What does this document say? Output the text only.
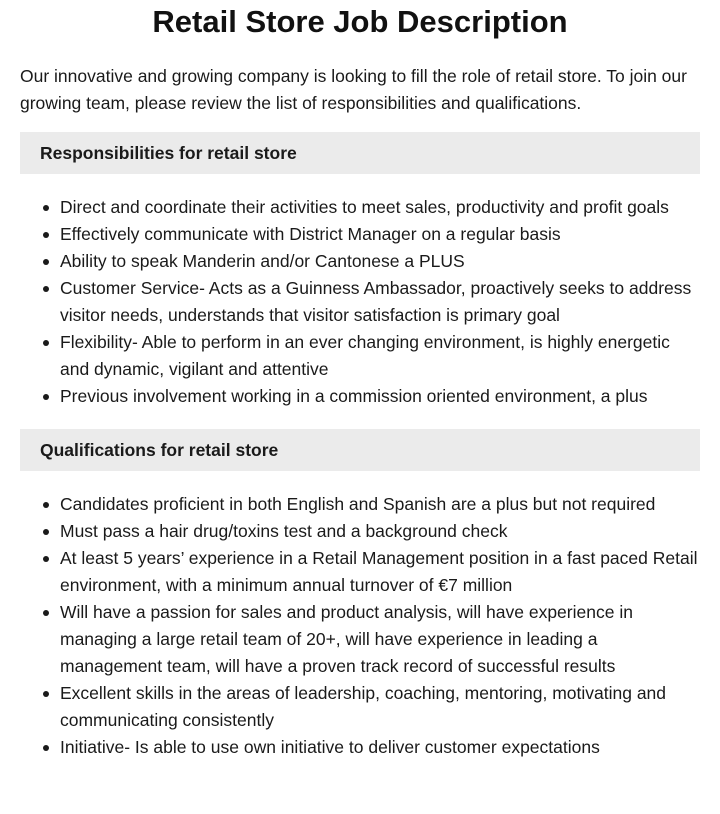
Retail Store Job Description

Our innovative and growing company is looking to fill the role of retail store. To join our growing team, please review the list of responsibilities and qualifications.

Responsibilities for retail store
Direct and coordinate their activities to meet sales, productivity and profit goals
Effectively communicate with District Manager on a regular basis
Ability to speak Manderin and/or Cantonese a PLUS
Customer Service- Acts as a Guinness Ambassador, proactively seeks to address visitor needs, understands that visitor satisfaction is primary goal
Flexibility- Able to perform in an ever changing environment, is highly energetic and dynamic, vigilant and attentive
Previous involvement working in a commission oriented environment, a plus
Qualifications for retail store
Candidates proficient in both English and Spanish are a plus but not required
Must pass a hair drug/toxins test and a background check
At least 5 years’ experience in a Retail Management position in a fast paced Retail environment, with a minimum annual turnover of €7 million
Will have a passion for sales and product analysis, will have experience in managing a large retail team of 20+, will have experience in leading a management team, will have a proven track record of successful results
Excellent skills in the areas of leadership, coaching, mentoring, motivating and communicating consistently
Initiative- Is able to use own initiative to deliver customer expectations
